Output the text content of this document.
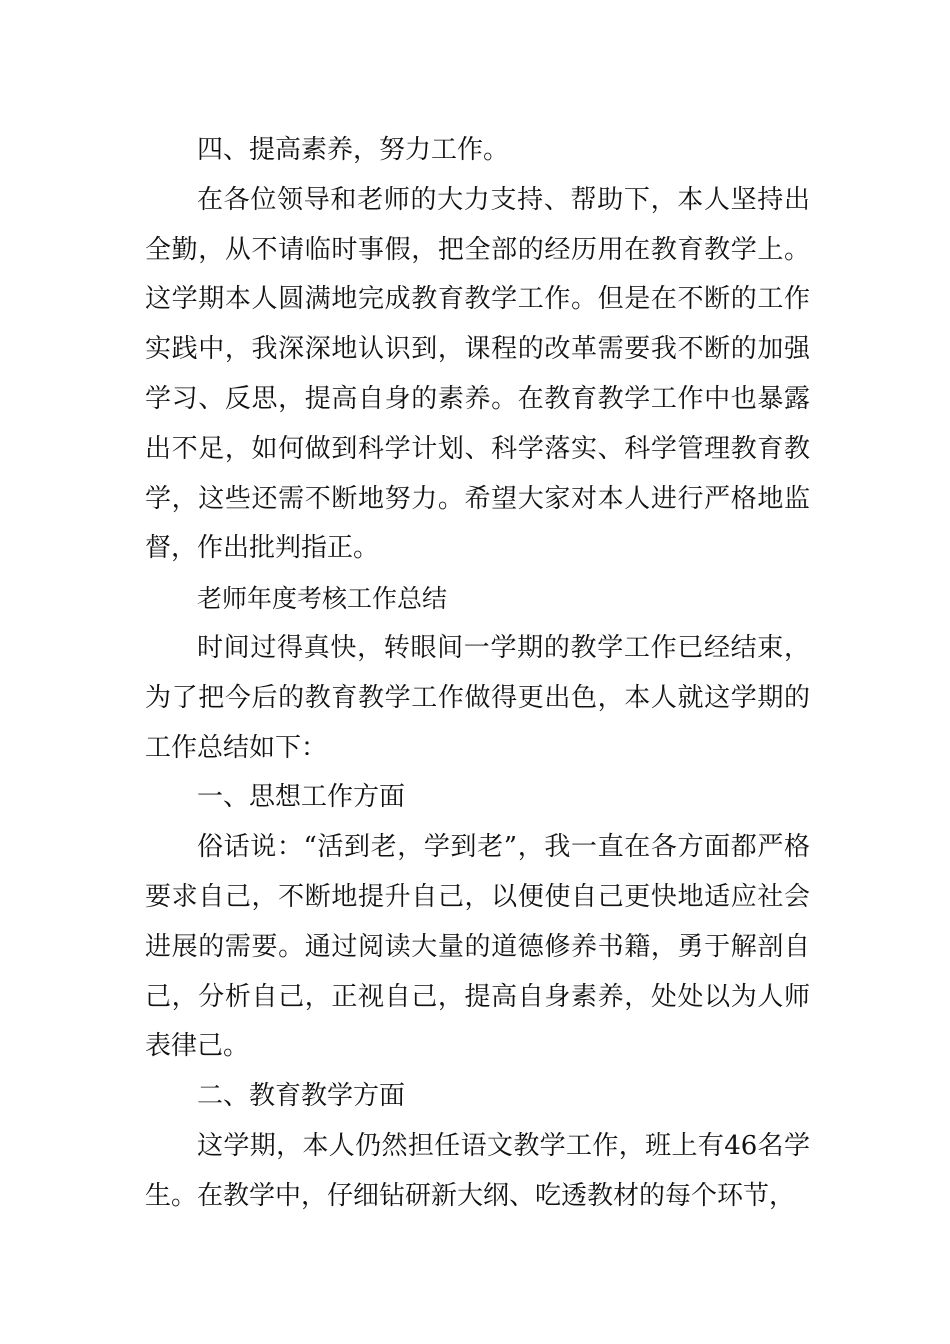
四、提高素养，努力工作。

在各位领导和老师的大力支持、帮助下，本人坚持出全勤，从不请临时事假，把全部的经历用在教育教学上。这学期本人圆满地完成教育教学工作。但是在不断的工作实践中，我深深地认识到，课程的改革需要我不断的加强学习、反思，提高自身的素养。在教育教学工作中也暴露出不足，如何做到科学计划、科学落实、科学管理教育教学，这些还需不断地努力。希望大家对本人进行严格地监督，作出批判指正。

老师年度考核工作总结

时间过得真快，转眼间一学期的教学工作已经结束，为了把今后的教育教学工作做得更出色，本人就这学期的工作总结如下：

一、思想工作方面

俗话说：“活到老，学到老”，我一直在各方面都严格要求自己，不断地提升自己，以便使自己更快地适应社会进展的需要。通过阅读大量的道德修养书籍，勇于解剖自己，分析自己，正视自己，提高自身素养，处处以为人师表律己。

二、教育教学方面

这学期，本人仍然担任语文教学工作，班上有46名学生。在教学中，仔细钻研新大纲、吃透教材的每个环节，
